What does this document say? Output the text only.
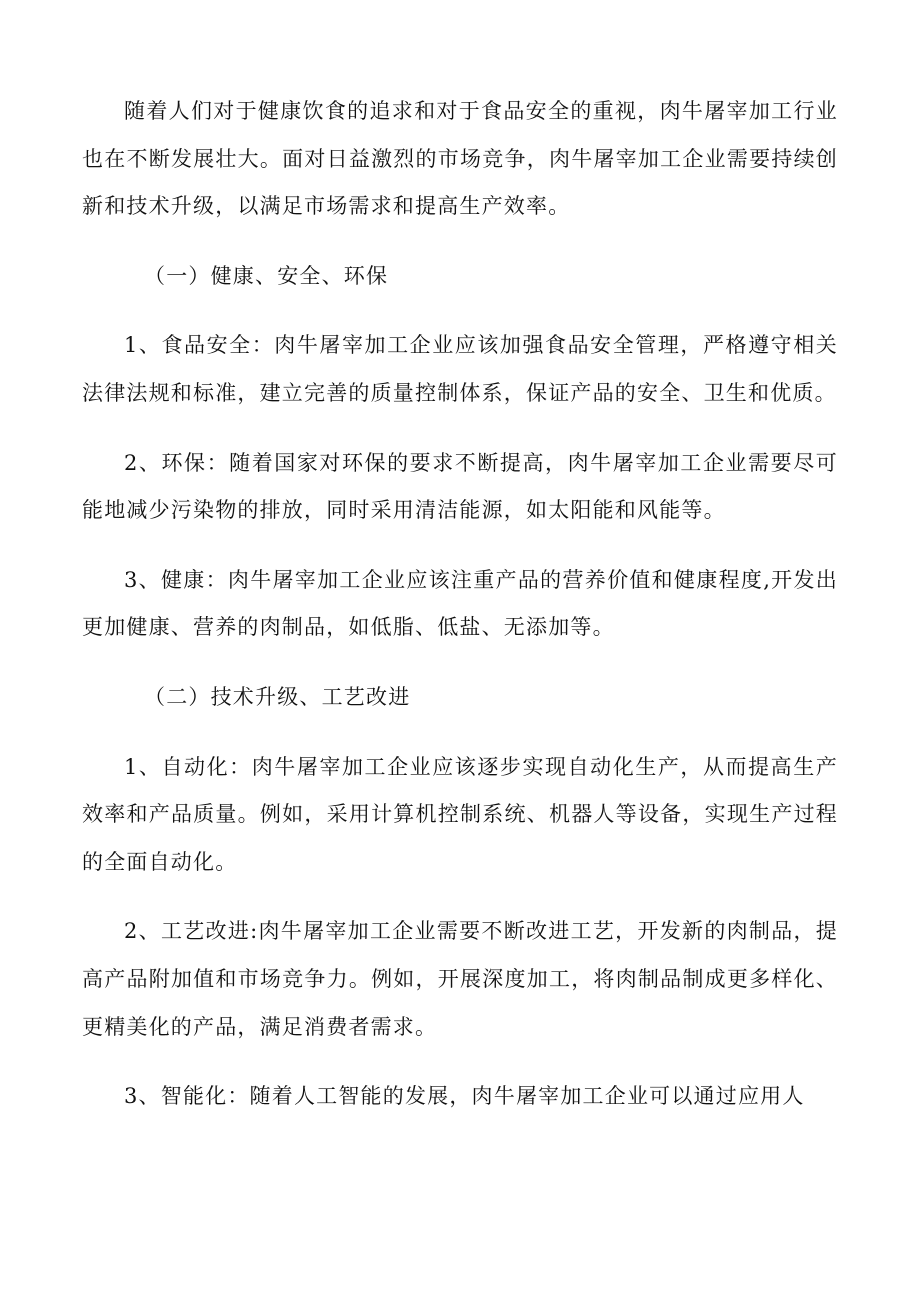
随着人们对于健康饮食的追求和对于食品安全的重视，肉牛屠宰加工行业也在不断发展壮大。面对日益激烈的市场竞争，肉牛屠宰加工企业需要持续创新和技术升级，以满足市场需求和提高生产效率。

（一）健康、安全、环保

1、食品安全：肉牛屠宰加工企业应该加强食品安全管理，严格遵守相关法律法规和标准，建立完善的质量控制体系，保证产品的安全、卫生和优质。

2、环保：随着国家对环保的要求不断提高，肉牛屠宰加工企业需要尽可能地减少污染物的排放，同时采用清洁能源，如太阳能和风能等。

3、健康：肉牛屠宰加工企业应该注重产品的营养价值和健康程度,开发出更加健康、营养的肉制品，如低脂、低盐、无添加等。

（二）技术升级、工艺改进

1、自动化：肉牛屠宰加工企业应该逐步实现自动化生产，从而提高生产效率和产品质量。例如，采用计算机控制系统、机器人等设备，实现生产过程的全面自动化。

2、工艺改进:肉牛屠宰加工企业需要不断改进工艺，开发新的肉制品，提高产品附加值和市场竞争力。例如，开展深度加工，将肉制品制成更多样化、更精美化的产品，满足消费者需求。

3、智能化：随着人工智能的发展，肉牛屠宰加工企业可以通过应用人
